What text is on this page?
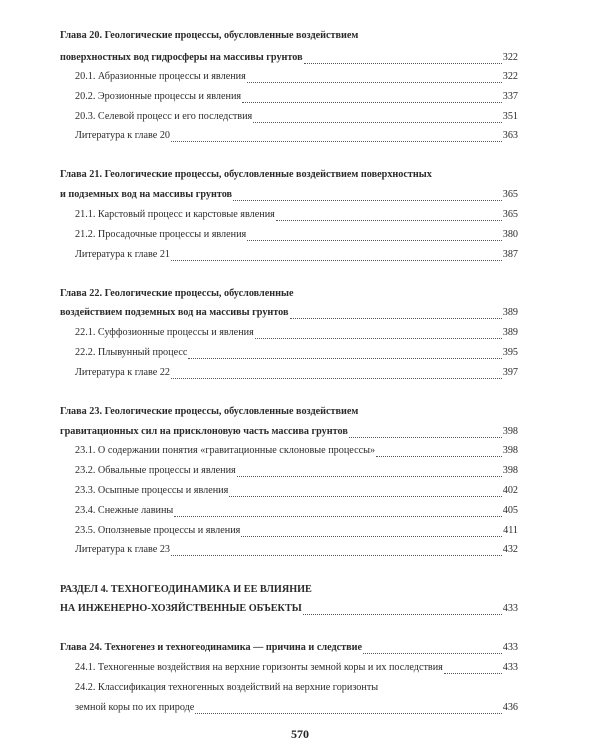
Глава 20. Геологические процессы, обусловленные воздействием
поверхностных вод гидросферы на массивы грунтов	322
20.1. Абразионные процессы и явления	322
20.2. Эрозионные процессы и явления	337
20.3. Селевой процесс и его последствия	351
Литература к главе 20	363
Глава 21. Геологические процессы, обусловленные воздействием поверхностных
и подземных вод на массивы грунтов	365
21.1. Карстовый процесс и карстовые явления	365
21.2. Просадочные процессы и явления	380
Литература к главе 21	387
Глава 22. Геологические процессы, обусловленные
воздействием подземных вод на массивы грунтов	389
22.1. Суффозионные процессы и явления	389
22.2. Плывунный процесс	395
Литература к главе 22	397
Глава 23. Геологические процессы, обусловленные воздействием
гравитационных сил на присклоновую часть массива грунтов	398
23.1. О содержании понятия «гравитационные склоновые процессы»	398
23.2. Обвальные процессы и явления	398
23.3. Осыпные процессы и явления	402
23.4. Снежные лавины	405
23.5. Оползневые процессы и явления	411
Литература к главе 23	432
РАЗДЕЛ 4. ТЕХНОГЕОДИНАМИКА И ЕЕ ВЛИЯНИЕ
НА ИНЖЕНЕРНО-ХОЗЯЙСТВЕННЫЕ ОБЪЕКТЫ	433
Глава 24. Техногенез и техногеодинамика — причина и следствие	433
24.1. Техногенные воздействия на верхние горизонты земной коры и их последствия	433
24.2. Классификация техногенных воздействий на верхние горизонты
земной коры по их природе	436
570
